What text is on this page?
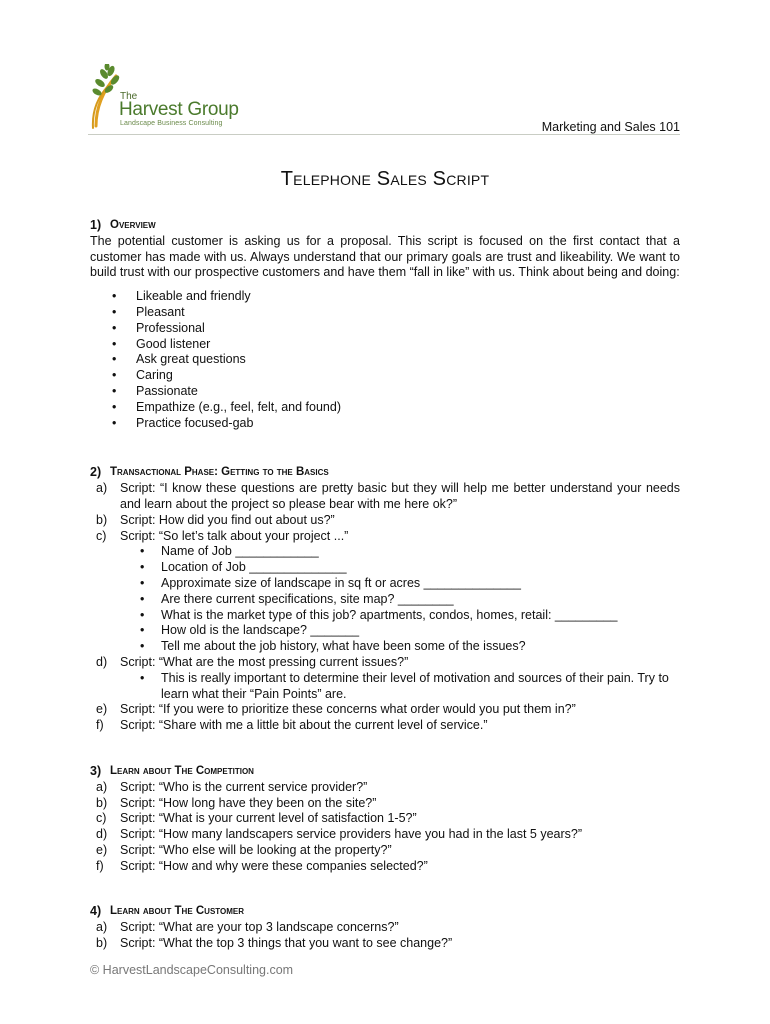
The
Harvest Group
Landscape Business Consulting	Marketing and Sales 101
Telephone Sales Script
1) Overview

The potential customer is asking us for a proposal. This script is focused on the first contact that a customer has made with us. Always understand that our primary goals are trust and likeability. We want to build trust with our prospective customers and have them “fall in like” with us. Think about being and doing:

•	Likeable and friendly
•	Pleasant
•	Professional
•	Good listener
•	Ask great questions
•	Caring
•	Passionate
•	Empathize (e.g., feel, felt, and found)
•	Practice focused-gab
2) Transactional Phase: Getting to the Basics
a)	Script: “I know these questions are pretty basic but they will help me better understand your needs and learn about the project so please bear with me here ok?”
b)	Script: How did you find out about us?”
c)	Script: “So let’s talk about your project ...”
•	Name of Job ____________
•	Location of Job ______________
•	Approximate size of landscape in sq ft or acres ______________
•	Are there current specifications, site map? ________
•	What is the market type of this job? apartments, condos, homes, retail: _________
•	How old is the landscape? _______
•	Tell me about the job history, what have been some of the issues?
d)	Script: “What are the most pressing current issues?”
•	This is really important to determine their level of motivation and sources of their pain. Try to learn what their “Pain Points” are.
e)	Script: “If you were to prioritize these concerns what order would you put them in?”
f)	Script: “Share with me a little bit about the current level of service.”
3) Learn about The Competition
a)	Script: “Who is the current service provider?”
b)	Script: “How long have they been on the site?”
c)	Script: “What is your current level of satisfaction 1-5?”
d)	Script: “How many landscapers service providers have you had in the last 5 years?”
e)	Script: “Who else will be looking at the property?”
f)	Script: “How and why were these companies selected?”
4) Learn about The Customer
a)	Script: “What are your top 3 landscape concerns?”
b)	Script: “What the top 3 things that you want to see change?”
© HarvestLandscapeConsulting.com
